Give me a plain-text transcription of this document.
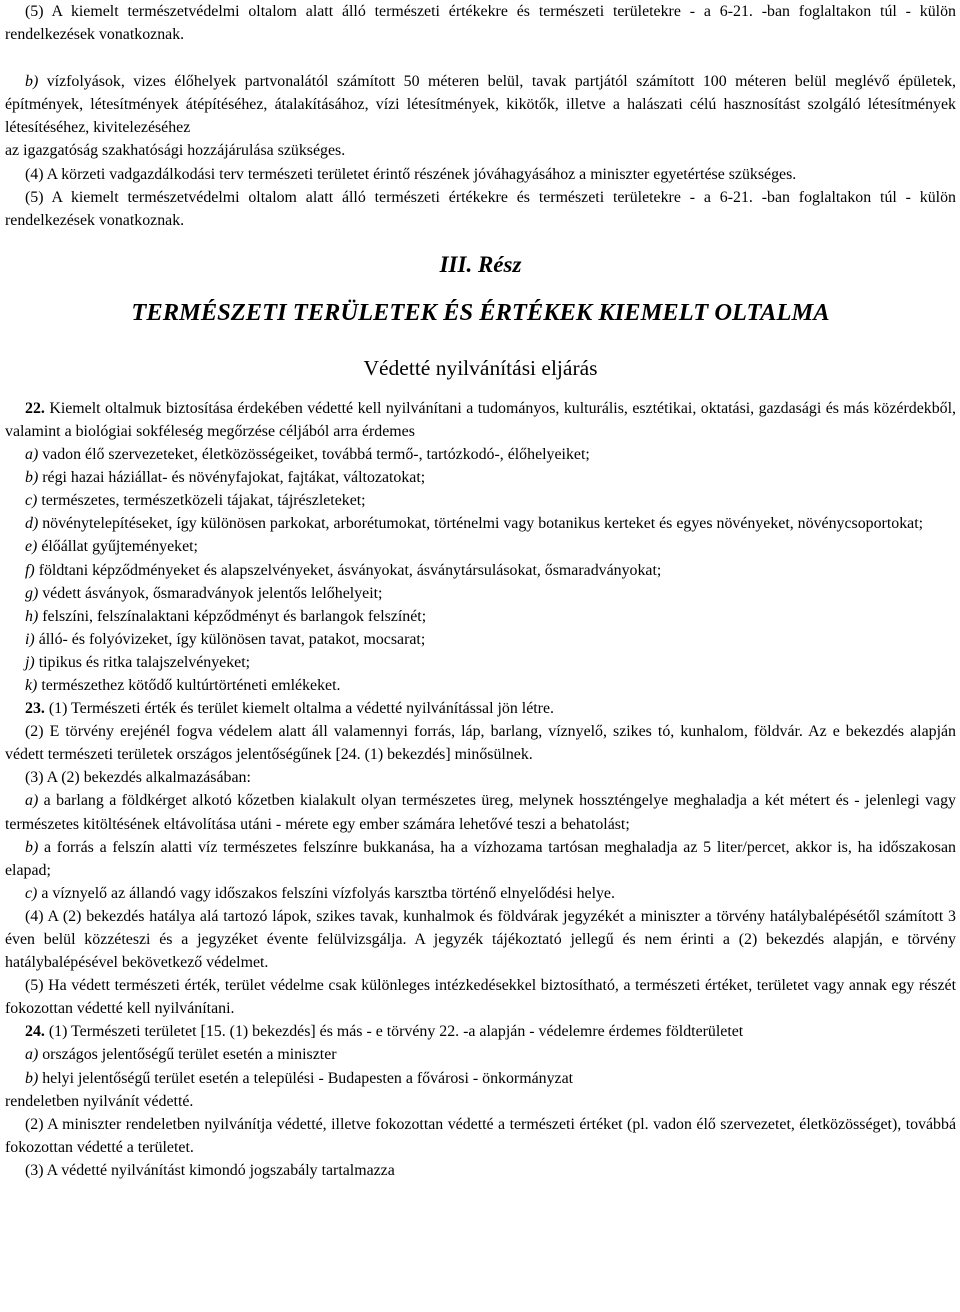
(5) A kiemelt természetvédelmi oltalom alatt álló természeti értékekre és természeti területekre - a 6-21. -ban foglaltakon túl - külön rendelkezések vonatkoznak.

b) vízfolyások, vizes élőhelyek partvonalától számított 50 méteren belül, tavak partjától számított 100 méteren belül meglévő épületek, építmények, létesítmények átépítéséhez, átalakításához, vízi létesítmények, kikötők, illetve a halászati célú hasznosítást szolgáló létesítmények létesítéséhez, kivitelezéséhez

az igazgatóság szakhatósági hozzájárulása szükséges.

(4) A körzeti vadgazdálkodási terv természeti területet érintő részének jóváhagyásához a miniszter egyetértése szükséges.

(5) A kiemelt természetvédelmi oltalom alatt álló természeti értékekre és természeti területekre - a 6-21. -ban foglaltakon túl - külön rendelkezések vonatkoznak.

III. Rész
TERMÉSZETI TERÜLETEK ÉS ÉRTÉKEK KIEMELT OLTALMA
Védetté nyilvánítási eljárás

22. Kiemelt oltalmuk biztosítása érdekében védetté kell nyilvánítani a tudományos, kulturális, esztétikai, oktatási, gazdasági és más közérdekből, valamint a biológiai sokféleség megőrzése céljából arra érdemes

a) vadon élő szervezeteket, életközösségeiket, továbbá termő-, tartózkodó-, élőhelyeiket;

b) régi hazai háziállat- és növényfajokat, fajtákat, változatokat;

c) természetes, természetközeli tájakat, tájrészleteket;

d) növénytelepítéseket, így különösen parkokat, arborétumokat, történelmi vagy botanikus kerteket és egyes növényeket, növénycsoportokat;

e) élőállat gyűjteményeket;

f) földtani képződményeket és alapszelvényeket, ásványokat, ásványtársulásokat, ősmaradványokat;

g) védett ásványok, ősmaradványok jelentős lelőhelyeit;

h) felszíni, felszínalaktani képződményt és barlangok felszínét;

i) álló- és folyóvizeket, így különösen tavat, patakot, mocsarat;

j) tipikus és ritka talajszelvényeket;

k) természethez kötődő kultúrtörténeti emlékeket.

23. (1) Természeti érték és terület kiemelt oltalma a védetté nyilvánítással jön létre.

(2) E törvény erejénél fogva védelem alatt áll valamennyi forrás, láp, barlang, víznyelő, szikes tó, kunhalom, földvár. Az e bekezdés alapján védett természeti területek országos jelentőségűnek [24. (1) bekezdés] minősülnek.

(3) A (2) bekezdés alkalmazásában:

a) a barlang a földkérget alkotó kőzetben kialakult olyan természetes üreg, melynek hosszténgelye meghaladja a két métert és - jelenlegi vagy természetes kitöltésének eltávolítása utáni - mérete egy ember számára lehetővé teszi a behatolást;

b) a forrás a felszín alatti víz természetes felszínre bukkanása, ha a vízhozama tartósan meghaladja az 5 liter/percet, akkor is, ha időszakosan elapad;

c) a víznyelő az állandó vagy időszakos felszíni vízfolyás karsztba történő elnyelődési helye.

(4) A (2) bekezdés hatálya alá tartozó lápok, szikes tavak, kunhalmok és földvárak jegyzékét a miniszter a törvény hatálybalépésétől számított 3 éven belül közzéteszi és a jegyzéket évente felülvizsgálja. A jegyzék tájékoztató jellegű és nem érinti a (2) bekezdés alapján, e törvény hatálybalépésével bekövetkező védelmet.

(5) Ha védett természeti érték, terület védelme csak különleges intézkedésekkel biztosítható, a természeti értéket, területet vagy annak egy részét fokozottan védetté kell nyilvánítani.

24. (1) Természeti területet [15. (1) bekezdés] és más - e törvény 22. -a alapján - védelemre érdemes földterületet

a) országos jelentőségű terület esetén a miniszter

b) helyi jelentőségű terület esetén a települési - Budapesten a fővárosi - önkormányzat

rendeletben nyilvánít védetté.

(2) A miniszter rendeletben nyilvánítja védetté, illetve fokozottan védetté a természeti értéket (pl. vadon élő szervezetet, életközösséget), továbbá fokozottan védetté a területet.

(3) A védetté nyilvánítást kimondó jogszabály tartalmazza
